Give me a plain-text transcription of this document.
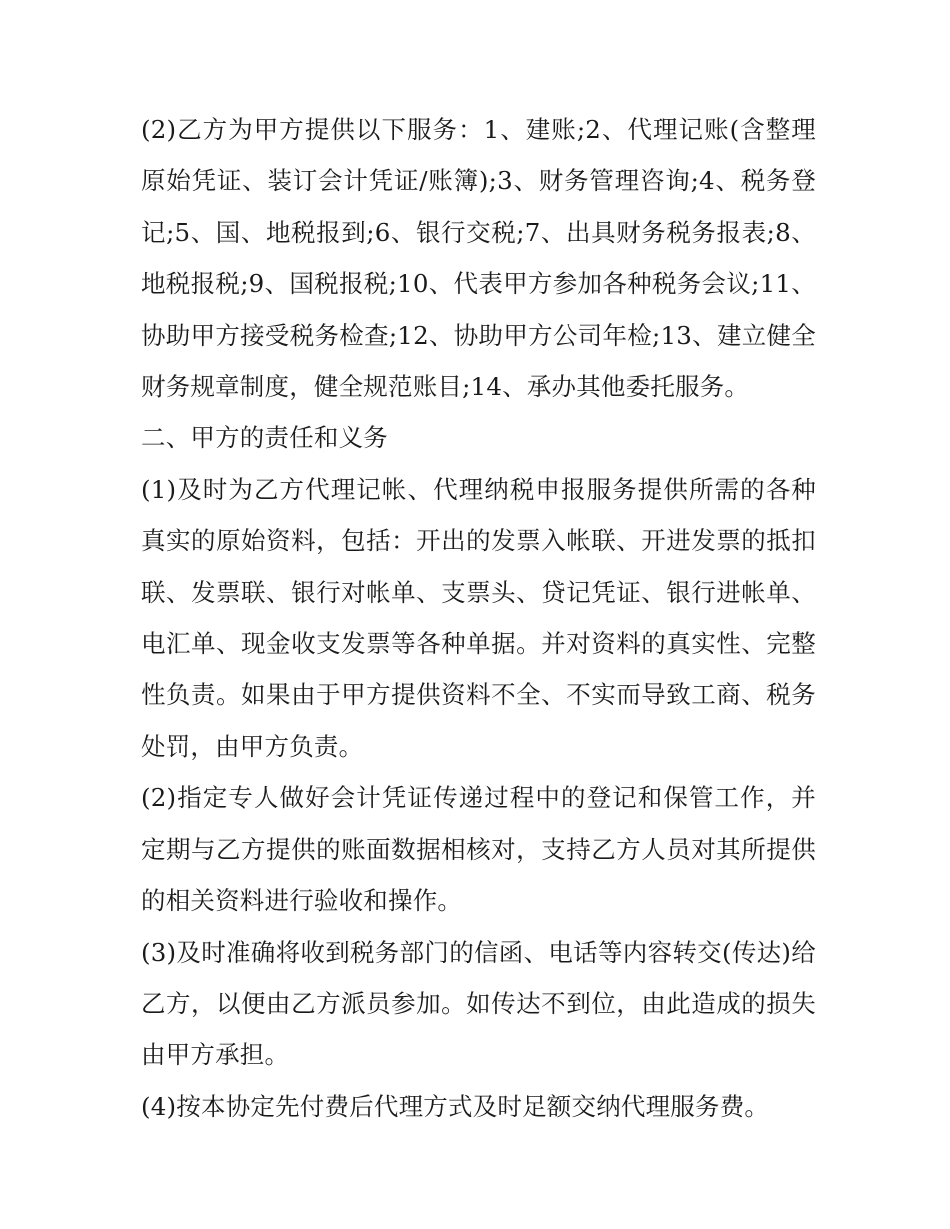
(2)乙方为甲方提供以下服务：1、建账;2、代理记账(含整理原始凭证、装订会计凭证/账簿);3、财务管理咨询;4、税务登记;5、国、地税报到;6、银行交税;7、出具财务税务报表;8、地税报税;9、国税报税;10、代表甲方参加各种税务会议;11、协助甲方接受税务检查;12、协助甲方公司年检;13、建立健全财务规章制度，健全规范账目;14、承办其他委托服务。

二、甲方的责任和义务

(1)及时为乙方代理记帐、代理纳税申报服务提供所需的各种真实的原始资料，包括：开出的发票入帐联、开进发票的抵扣联、发票联、银行对帐单、支票头、贷记凭证、银行进帐单、电汇单、现金收支发票等各种单据。并对资料的真实性、完整性负责。如果由于甲方提供资料不全、不实而导致工商、税务处罚，由甲方负责。

(2)指定专人做好会计凭证传递过程中的登记和保管工作，并定期与乙方提供的账面数据相核对，支持乙方人员对其所提供的相关资料进行验收和操作。

(3)及时准确将收到税务部门的信函、电话等内容转交(传达)给乙方，以便由乙方派员参加。如传达不到位，由此造成的损失由甲方承担。

(4)按本协定先付费后代理方式及时足额交纳代理服务费。
